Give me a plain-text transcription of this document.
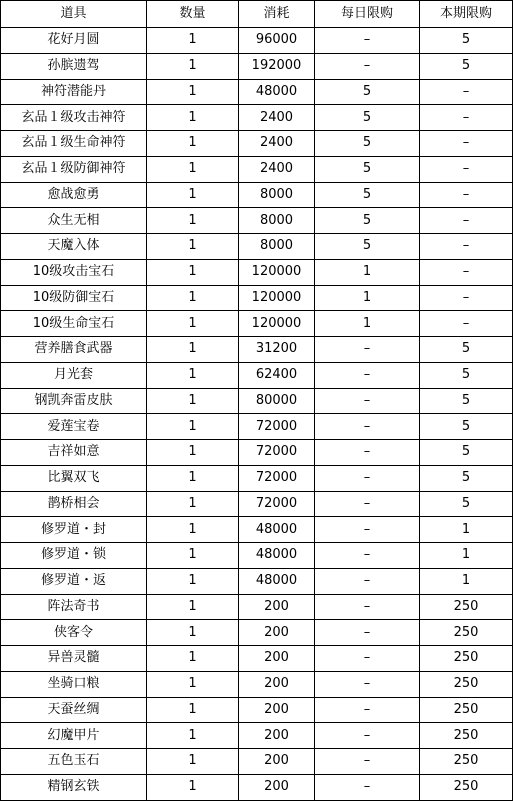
道具	数量	消耗	每日限购	本期限购
花好月圆	1	96000	–	5
孙膑遗驾	1	192000	–	5
神符潜能丹	1	48000	5	–
玄品１级攻击神符	1	2400	5	–
玄品１级生命神符	1	2400	5	–
玄品１级防御神符	1	2400	5	–
愈战愈勇	1	8000	5	–
众生无相	1	8000	5	–
天魔入体	1	8000	5	–
10级攻击宝石	1	120000	1	–
10级防御宝石	1	120000	1	–
10级生命宝石	1	120000	1	–
营养膳食武器	1	31200	–	5
月光套	1	62400	–	5
钢凯奔雷皮肤	1	80000	–	5
爱莲宝卷	1	72000	–	5
吉祥如意	1	72000	–	5
比翼双飞	1	72000	–	5
鹊桥相会	1	72000	–	5
修罗道・封	1	48000	–	1
修罗道・锁	1	48000	–	1
修罗道・返	1	48000	–	1
阵法奇书	1	200	–	250
侠客令	1	200	–	250
异兽灵髓	1	200	–	250
坐骑口粮	1	200	–	250
天蚕丝绸	1	200	–	250
幻魔甲片	1	200	–	250
五色玉石	1	200	–	250
精钢玄铁	1	200	–	250
